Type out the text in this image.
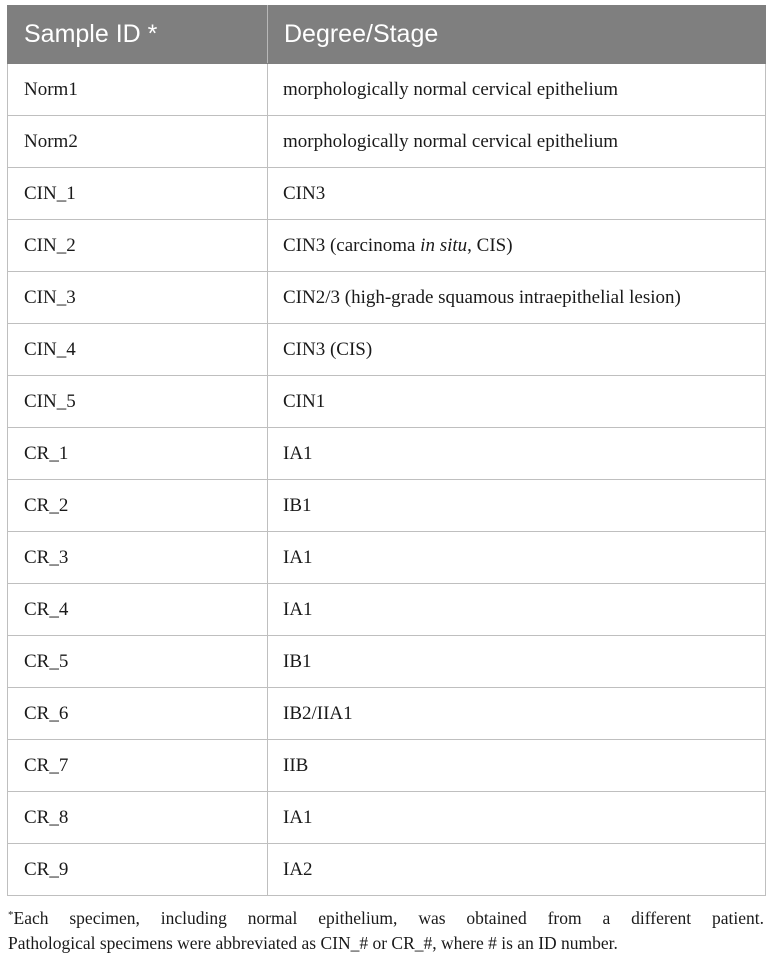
Sample ID *	Degree/Stage
Norm1	morphologically normal cervical epithelium
Norm2	morphologically normal cervical epithelium
CIN_1	CIN3
CIN_2	CIN3 (carcinoma in situ, CIS)
CIN_3	CIN2/3 (high-grade squamous intraepithelial lesion)
CIN_4	CIN3 (CIS)
CIN_5	CIN1
CR_1	IA1
CR_2	IB1
CR_3	IA1
CR_4	IA1
CR_5	IB1
CR_6	IB2/IIA1
CR_7	IIB
CR_8	IA1
CR_9	IA2
*Each specimen, including normal epithelium, was obtained from a different patient.
Pathological specimens were abbreviated as CIN_# or CR_#, where # is an ID number.
